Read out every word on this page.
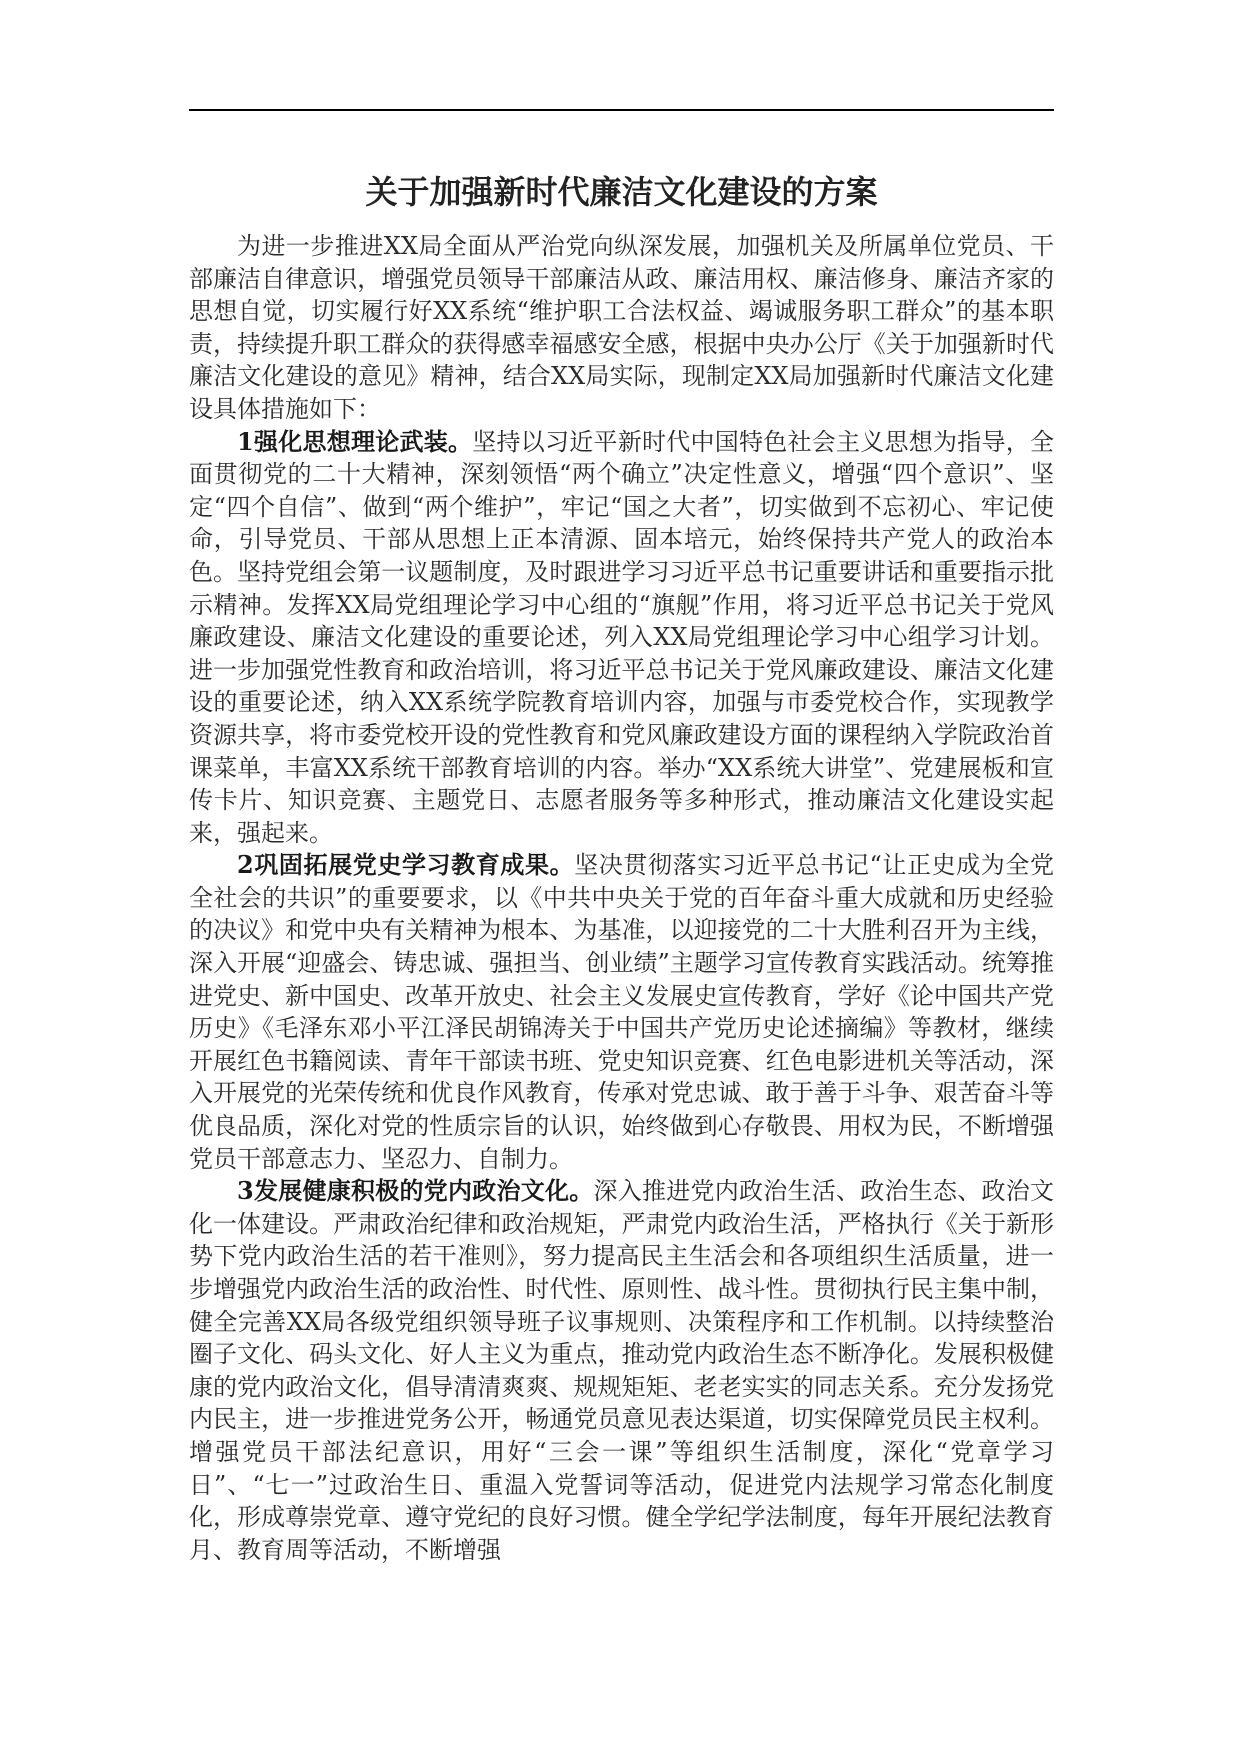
关于加强新时代廉洁文化建设的方案

为进一步推进XX局全面从严治党向纵深发展，加强机关及所属单位党员、干部廉洁自律意识，增强党员领导干部廉洁从政、廉洁用权、廉洁修身、廉洁齐家的思想自觉，切实履行好XX系统“维护职工合法权益、竭诚服务职工群众”的基本职责，持续提升职工群众的获得感幸福感安全感，根据中央办公厅《关于加强新时代廉洁文化建设的意见》精神，结合XX局实际，现制定XX局加强新时代廉洁文化建设具体措施如下：

1强化思想理论武装。坚持以习近平新时代中国特色社会主义思想为指导，全面贯彻党的二十大精神，深刻领悟“两个确立”决定性意义，增强“四个意识”、坚定“四个自信”、做到“两个维护”，牢记“国之大者”，切实做到不忘初心、牢记使命，引导党员、干部从思想上正本清源、固本培元，始终保持共产党人的政治本色。坚持党组会第一议题制度，及时跟进学习习近平总书记重要讲话和重要指示批示精神。发挥XX局党组理论学习中心组的“旗舰”作用，将习近平总书记关于党风廉政建设、廉洁文化建设的重要论述，列入XX局党组理论学习中心组学习计划。进一步加强党性教育和政治培训，将习近平总书记关于党风廉政建设、廉洁文化建设的重要论述，纳入XX系统学院教育培训内容，加强与市委党校合作，实现教学资源共享，将市委党校开设的党性教育和党风廉政建设方面的课程纳入学院政治首课菜单，丰富XX系统干部教育培训的内容。举办“XX系统大讲堂”、党建展板和宣传卡片、知识竞赛、主题党日、志愿者服务等多种形式，推动廉洁文化建设实起来，强起来。

2巩固拓展党史学习教育成果。坚决贯彻落实习近平总书记“让正史成为全党全社会的共识”的重要要求，以《中共中央关于党的百年奋斗重大成就和历史经验的决议》和党中央有关精神为根本、为基准，以迎接党的二十大胜利召开为主线，深入开展“迎盛会、铸忠诚、强担当、创业绩”主题学习宣传教育实践活动。统筹推进党史、新中国史、改革开放史、社会主义发展史宣传教育，学好《论中国共产党历史》《毛泽东邓小平江泽民胡锦涛关于中国共产党历史论述摘编》等教材，继续开展红色书籍阅读、青年干部读书班、党史知识竞赛、红色电影进机关等活动，深入开展党的光荣传统和优良作风教育，传承对党忠诚、敢于善于斗争、艰苦奋斗等优良品质，深化对党的性质宗旨的认识，始终做到心存敬畏、用权为民，不断增强党员干部意志力、坚忍力、自制力。

3发展健康积极的党内政治文化。深入推进党内政治生活、政治生态、政治文化一体建设。严肃政治纪律和政治规矩，严肃党内政治生活，严格执行《关于新形势下党内政治生活的若干准则》，努力提高民主生活会和各项组织生活质量，进一步增强党内政治生活的政治性、时代性、原则性、战斗性。贯彻执行民主集中制，健全完善XX局各级党组织领导班子议事规则、决策程序和工作机制。以持续整治圈子文化、码头文化、好人主义为重点，推动党内政治生态不断净化。发展积极健康的党内政治文化，倡导清清爽爽、规规矩矩、老老实实的同志关系。充分发扬党内民主，进一步推进党务公开，畅通党员意见表达渠道，切实保障党员民主权利。增强党员干部法纪意识，用好“三会一课”等组织生活制度，深化“党章学习日”、“七一”过政治生日、重温入党誓词等活动，促进党内法规学习常态化制度化，形成尊崇党章、遵守党纪的良好习惯。健全学纪学法制度，每年开展纪法教育月、教育周等活动，不断增强
